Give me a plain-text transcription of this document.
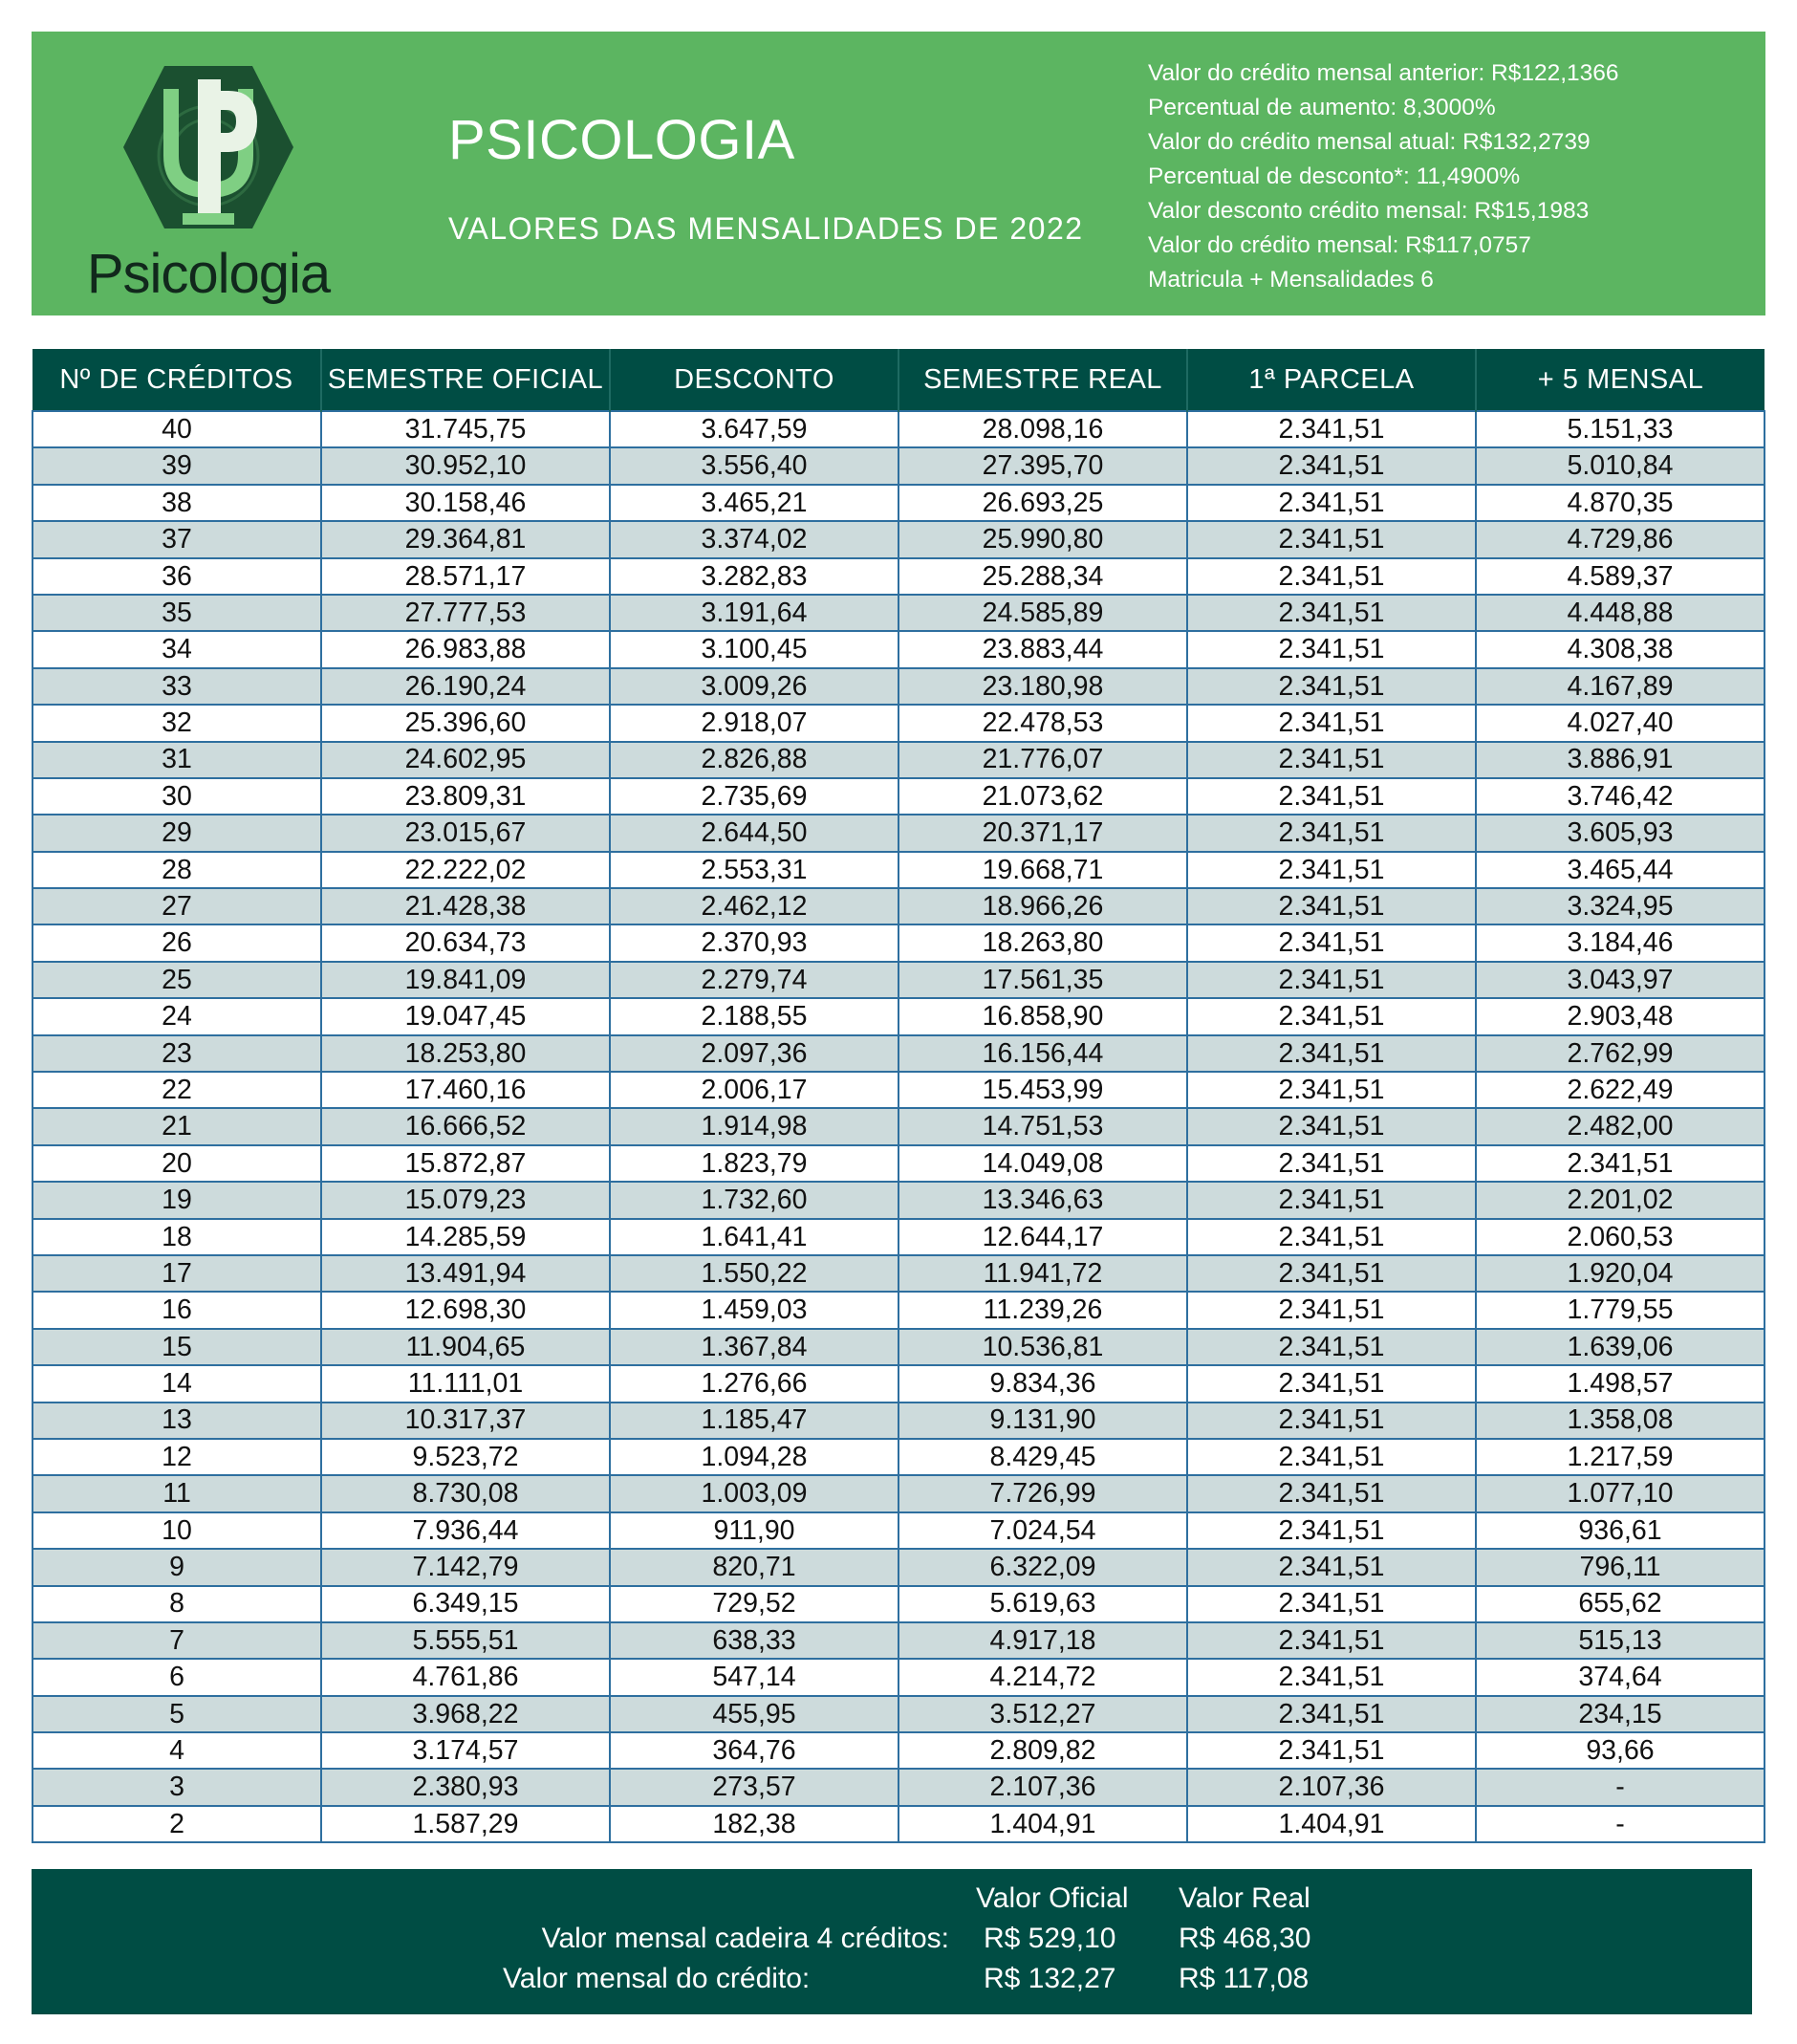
Psicologia
PSICOLOGIA
VALORES DAS MENSALIDADES DE 2022
Valor do crédito mensal anterior: R$122,1366
Percentual de aumento: 8,3000%
Valor do crédito mensal atual: R$132,2739
Percentual de desconto*: 11,4900%
Valor desconto crédito mensal: R$15,1983
Valor do crédito mensal: R$117,0757
Matricula + Mensalidades 6
Nº DE CRÉDITOS	SEMESTRE OFICIAL	DESCONTO	SEMESTRE REAL	1ª PARCELA	+ 5 MENSAL
40	31.745,75	3.647,59	28.098,16	2.341,51	5.151,33
39	30.952,10	3.556,40	27.395,70	2.341,51	5.010,84
38	30.158,46	3.465,21	26.693,25	2.341,51	4.870,35
37	29.364,81	3.374,02	25.990,80	2.341,51	4.729,86
36	28.571,17	3.282,83	25.288,34	2.341,51	4.589,37
35	27.777,53	3.191,64	24.585,89	2.341,51	4.448,88
34	26.983,88	3.100,45	23.883,44	2.341,51	4.308,38
33	26.190,24	3.009,26	23.180,98	2.341,51	4.167,89
32	25.396,60	2.918,07	22.478,53	2.341,51	4.027,40
31	24.602,95	2.826,88	21.776,07	2.341,51	3.886,91
30	23.809,31	2.735,69	21.073,62	2.341,51	3.746,42
29	23.015,67	2.644,50	20.371,17	2.341,51	3.605,93
28	22.222,02	2.553,31	19.668,71	2.341,51	3.465,44
27	21.428,38	2.462,12	18.966,26	2.341,51	3.324,95
26	20.634,73	2.370,93	18.263,80	2.341,51	3.184,46
25	19.841,09	2.279,74	17.561,35	2.341,51	3.043,97
24	19.047,45	2.188,55	16.858,90	2.341,51	2.903,48
23	18.253,80	2.097,36	16.156,44	2.341,51	2.762,99
22	17.460,16	2.006,17	15.453,99	2.341,51	2.622,49
21	16.666,52	1.914,98	14.751,53	2.341,51	2.482,00
20	15.872,87	1.823,79	14.049,08	2.341,51	2.341,51
19	15.079,23	1.732,60	13.346,63	2.341,51	2.201,02
18	14.285,59	1.641,41	12.644,17	2.341,51	2.060,53
17	13.491,94	1.550,22	11.941,72	2.341,51	1.920,04
16	12.698,30	1.459,03	11.239,26	2.341,51	1.779,55
15	11.904,65	1.367,84	10.536,81	2.341,51	1.639,06
14	11.111,01	1.276,66	9.834,36	2.341,51	1.498,57
13	10.317,37	1.185,47	9.131,90	2.341,51	1.358,08
12	9.523,72	1.094,28	8.429,45	2.341,51	1.217,59
11	8.730,08	1.003,09	7.726,99	2.341,51	1.077,10
10	7.936,44	911,90	7.024,54	2.341,51	936,61
9	7.142,79	820,71	6.322,09	2.341,51	796,11
8	6.349,15	729,52	5.619,63	2.341,51	655,62
7	5.555,51	638,33	4.917,18	2.341,51	515,13
6	4.761,86	547,14	4.214,72	2.341,51	374,64
5	3.968,22	455,95	3.512,27	2.341,51	234,15
4	3.174,57	364,76	2.809,82	2.341,51	93,66
3	2.380,93	273,57	2.107,36	2.107,36	-
2	1.587,29	182,38	1.404,91	1.404,91	-
Valor Oficial Valor Real
Valor mensal cadeira 4 créditos: R$ 529,10 R$ 468,30
Valor mensal do crédito:	R$ 132,27 R$ 117,08
